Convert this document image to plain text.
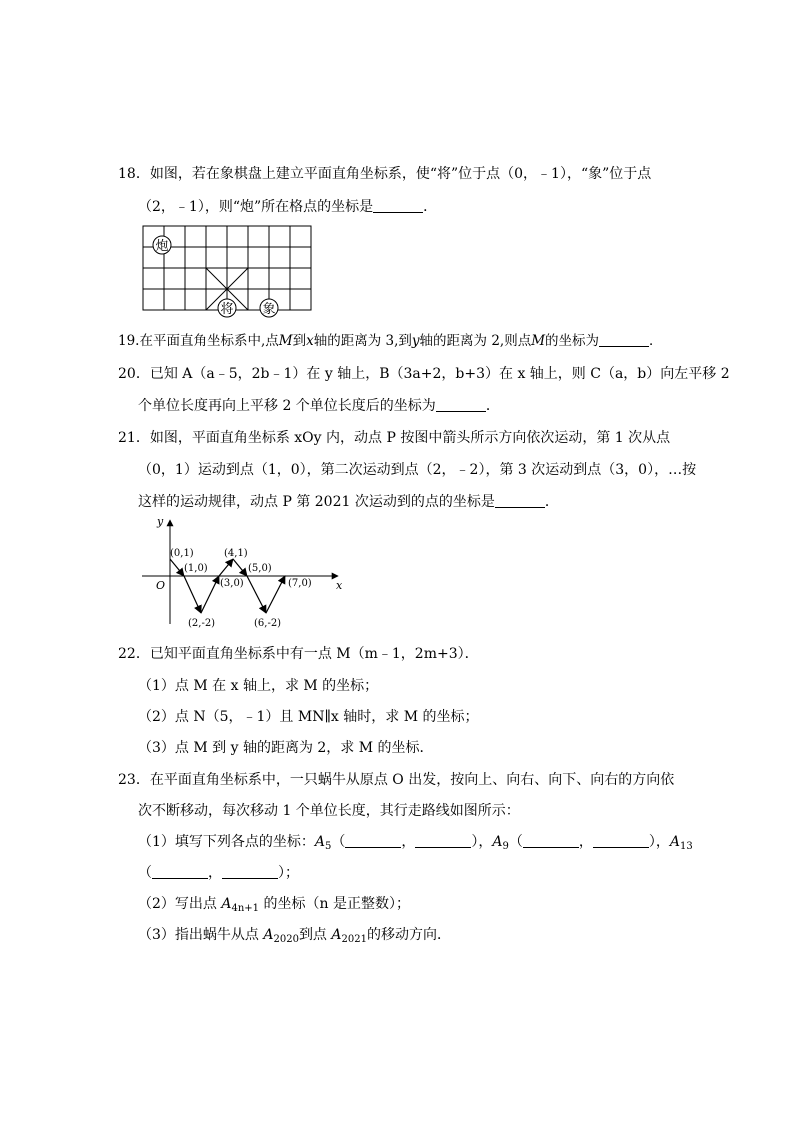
18．如图，若在象棋盘上建立平面直角坐标系，使“将”位于点（0，﹣1），“象”位于点
（2，﹣1），则“炮”所在格点的坐标是	．
炮
将 象
19.在平面直角坐标系中,点M到x轴的距离为 3,到y轴的距离为 2,则点M的坐标为	．
20．已知 A（a﹣5，2b﹣1）在 y 轴上，B（3a+2，b+3）在 x 轴上，则 C（a，b）向左平移 2
个单位长度再向上平移 2 个单位长度后的坐标为	．
21．如图，平面直角坐标系 xOy 内，动点 P 按图中箭头所示方向依次运动，第 1 次从点
（0，1）运动到点（1，0），第二次运动到点（2，﹣2），第 3 次运动到点（3，0），…按
这样的运动规律，动点 P 第 2021 次运动到的点的坐标是	．
y
x
O
(0,1)
(1,0)
(2,-2)
(3,0)
(4,1)
(5,0)
(6,-2)
(7,0)
22．已知平面直角坐标系中有一点 M（m﹣1，2m+3）．
（1）点 M 在 x 轴上，求 M 的坐标；
（2）点 N（5，﹣1）且 MN∥x 轴时，求 M 的坐标；
（3）点 M 到 y 轴的距离为 2，求 M 的坐标．
23．在平面直角坐标系中，一只蜗牛从原点 O 出发，按向上、向右、向下、向右的方向依
次不断移动，每次移动 1 个单位长度，其行走路线如图所示：
（1）填写下列各点的坐标：$A_5$（	，	），$A_9$（	，	），$A_{13}$
（	，	）；
（2）写出点 $A_{4n+1}$ 的坐标（n 是正整数）；
（3）指出蜗牛从点 $A_{2020}$到点 $A_{2021}$的移动方向．
